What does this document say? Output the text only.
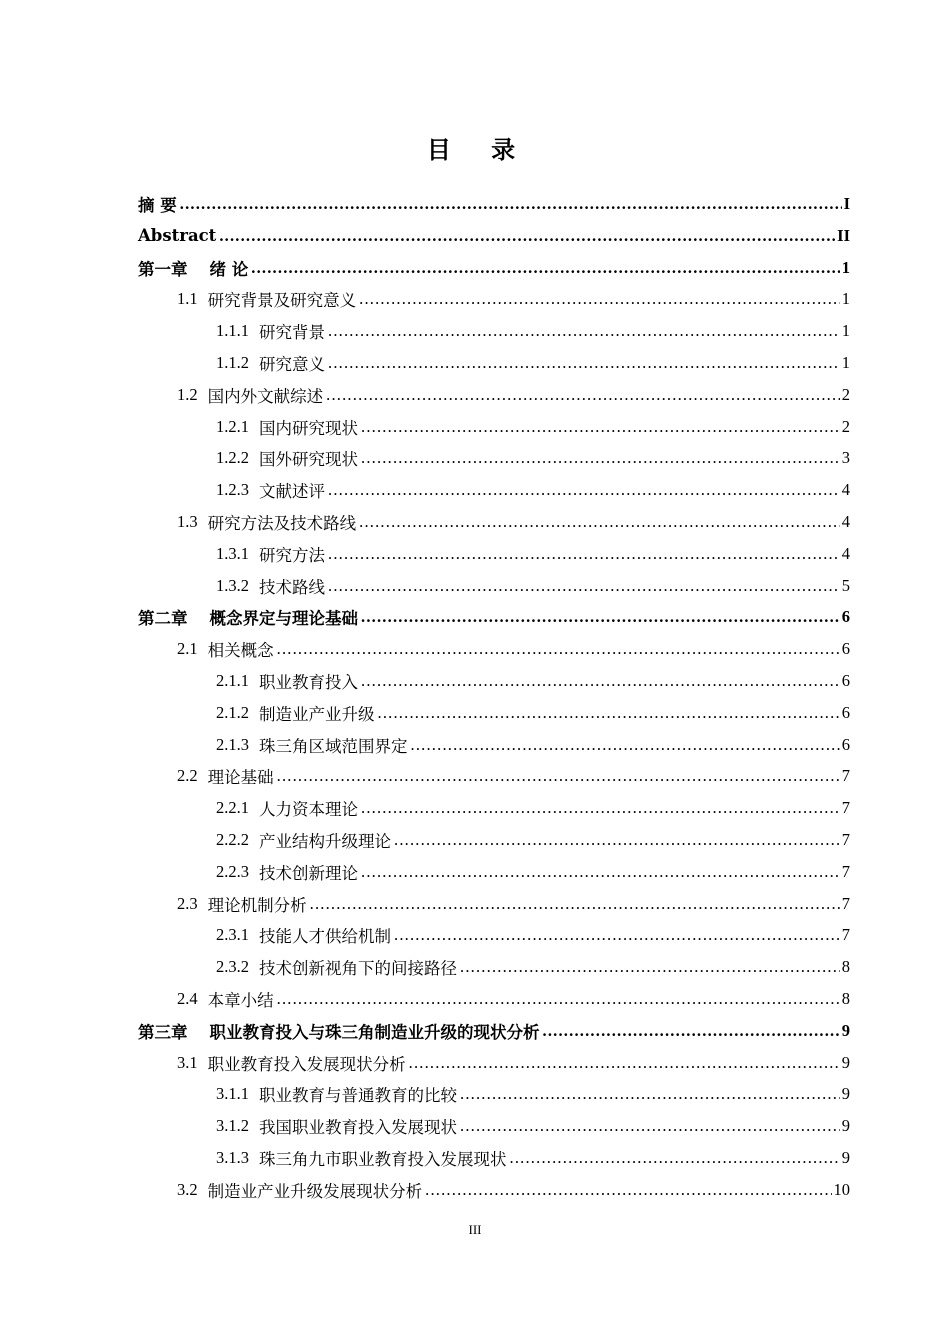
目 录
摘 要 .....	I
Abstract .....	II
第一章 绪 论 .....	1
1.1 研究背景及研究意义 .....	1
1.1.1 研究背景 .....	1
1.1.2 研究意义 .....	1
1.2 国内外文献综述 .....	2
1.2.1 国内研究现状 .....	2
1.2.2 国外研究现状 .....	3
1.2.3 文献述评 .....	4
1.3 研究方法及技术路线 .....	4
1.3.1 研究方法 .....	4
1.3.2 技术路线 .....	5
第二章 概念界定与理论基础 .....	6
2.1 相关概念 .....	6
2.1.1 职业教育投入 .....	6
2.1.2 制造业产业升级 .....	6
2.1.3 珠三角区域范围界定 .....	6
2.2 理论基础 .....	7
2.2.1 人力资本理论 .....	7
2.2.2 产业结构升级理论 .....	7
2.2.3 技术创新理论 .....	7
2.3 理论机制分析 .....	7
2.3.1 技能人才供给机制 .....	7
2.3.2 技术创新视角下的间接路径 .....	8
2.4 本章小结 .....	8
第三章 职业教育投入与珠三角制造业升级的现状分析 .....	9
3.1 职业教育投入发展现状分析 .....	9
3.1.1 职业教育与普通教育的比较 .....	9
3.1.2 我国职业教育投入发展现状 .....	9
3.1.3 珠三角九市职业教育投入发展现状 .....	9
3.2 制造业产业升级发展现状分析 .....	10
III
